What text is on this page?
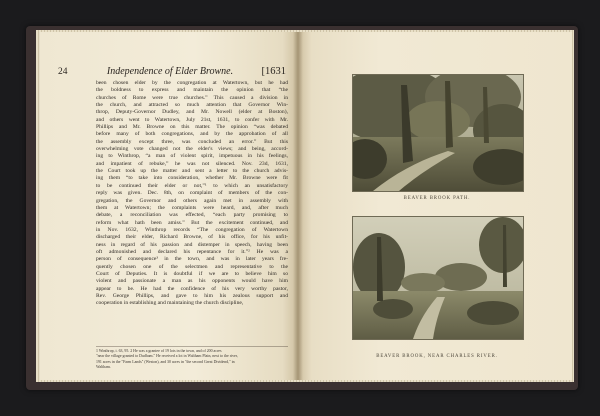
24	Independence of Elder Browne.	[1631
been chosen elder by the congregation at Watertown, but he had
the boldness to express and maintain the opinion that “the
churches of Rome were true churches.” This caused a division in
the church, and attracted so much attention that Governor Win-
throp, Deputy-Governor Dudley, and Mr. Nowell (elder at Boston),
and others went to Watertown, July 21st, 1631, to confer with Mr.
Phillips and Mr. Browne on this matter. The opinion “was debated
before many of both congregations, and by the approbation of all
the assembly except three, was concluded an error.” But this
overwhelming vote changed not the elder's views; and being, accord-
ing to Winthrop, “a man of violent spirit, impetuous in his feelings,
and impatient of rebuke,” he was not silenced. Nov. 23d, 1631,
the Court took up the matter and sent a letter to the church advis-
ing them “to take into consideration, whether Mr. Browne were fit
to be continued their elder or not,”¹ to which an unsatisfactory
reply was given. Dec. 8th, on complaint of members of the con-
gregation, the Governor and others again met in assembly with
them at Watertown; the complaints were heard, and, after much
debate, a reconciliation was effected, “each party promising to
reform what hath been amiss.” But the excitement continued, and
in Nov. 1632, Winthrop records “The congregation of Watertown
discharged their elder, Richard Browne, of his office, for his unfit-
ness in regard of his passion and distemper in speech, having been
oft admonished and declared his repentance for it.”² He was a
person of consequence³ in the town, and was in later years fre-
quently chosen one of the selectmen and representative to the
Court of Deputies. It is doubtful if we are to believe him so
violent and passionate a man as his opponents would have him
appear to be. He had the confidence of his very worthy pastor,
Rev. George Phillips, and gave to him his zealous support and
cooperation in establishing and maintaining the church discipline,
1 Winthrop, i. 63, 95. 2 He was a grantee of 19 lots in the town, and of 200 acres
"near the village granted to Dudham." He received a lot in Waltham Plain, next to the river,
191 acres in the "Farm Lands" (Weston), and 30 acres in "the second Great Dividend," in
Waltham.
BEAVER BROOK PATH.
BEAVER BROOK, NEAR CHARLES RIVER.
